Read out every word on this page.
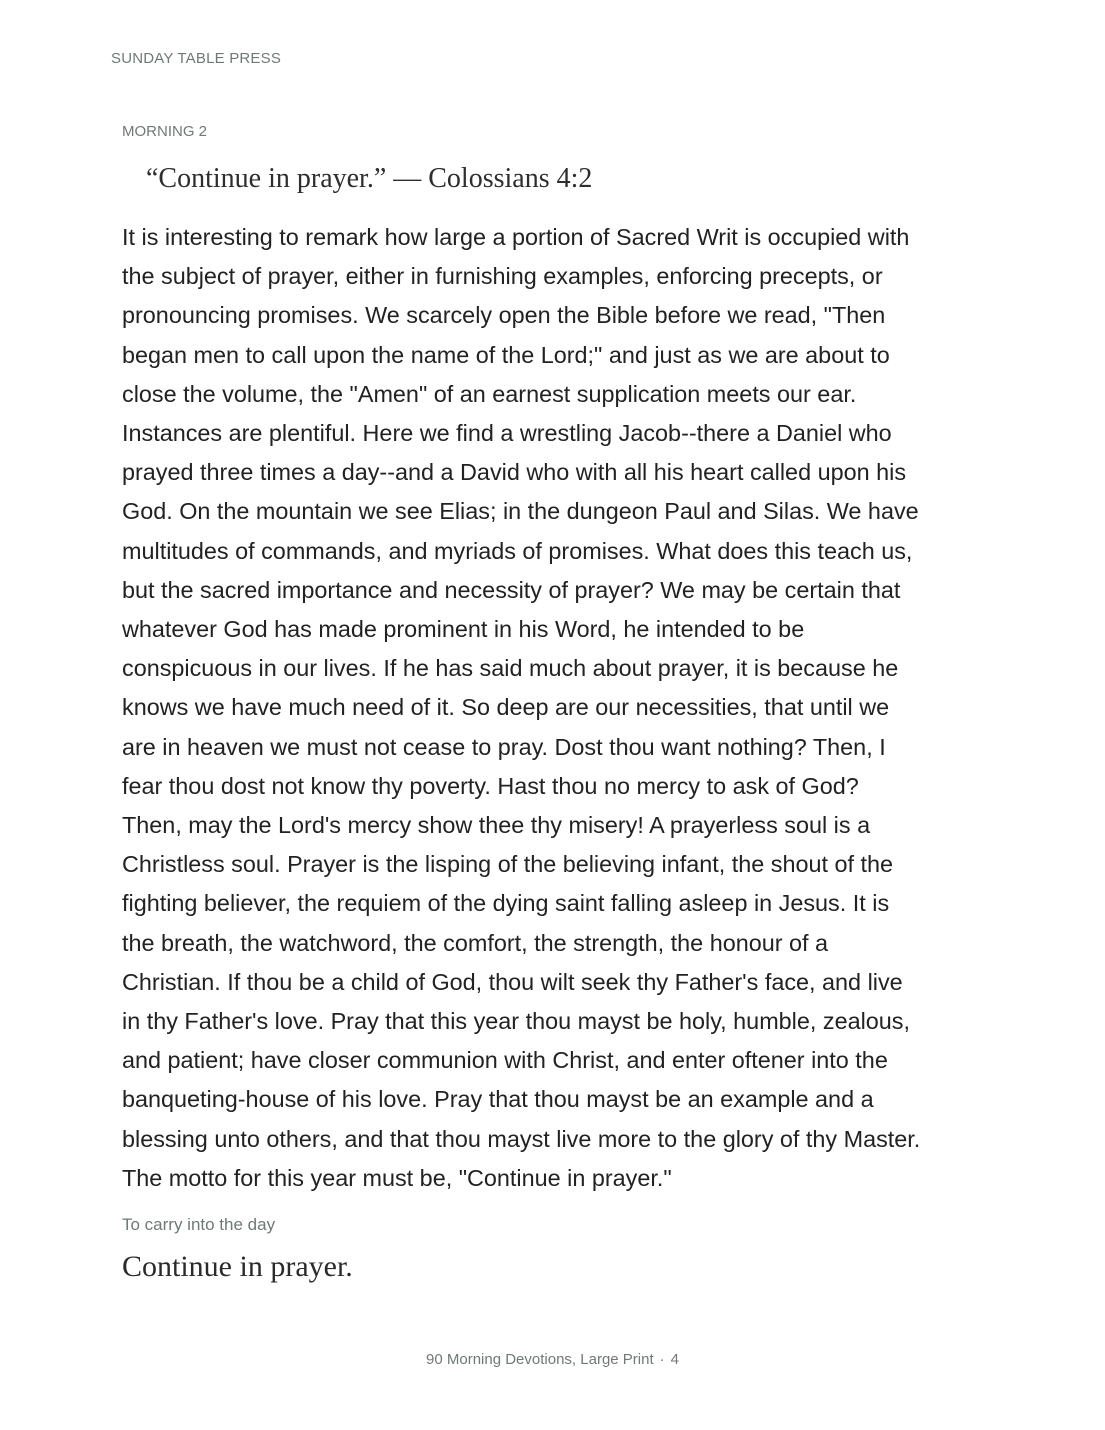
SUNDAY TABLE PRESS
MORNING 2
“Continue in prayer.” — Colossians 4:2

It is interesting to remark how large a portion of Sacred Writ is occupied with
the subject of prayer, either in furnishing examples, enforcing precepts, or
pronouncing promises. We scarcely open the Bible before we read, "Then
began men to call upon the name of the Lord;" and just as we are about to
close the volume, the "Amen" of an earnest supplication meets our ear.
Instances are plentiful. Here we find a wrestling Jacob--there a Daniel who
prayed three times a day--and a David who with all his heart called upon his
God. On the mountain we see Elias; in the dungeon Paul and Silas. We have
multitudes of commands, and myriads of promises. What does this teach us,
but the sacred importance and necessity of prayer? We may be certain that
whatever God has made prominent in his Word, he intended to be
conspicuous in our lives. If he has said much about prayer, it is because he
knows we have much need of it. So deep are our necessities, that until we
are in heaven we must not cease to pray. Dost thou want nothing? Then, I
fear thou dost not know thy poverty. Hast thou no mercy to ask of God?
Then, may the Lord's mercy show thee thy misery! A prayerless soul is a
Christless soul. Prayer is the lisping of the believing infant, the shout of the
fighting believer, the requiem of the dying saint falling asleep in Jesus. It is
the breath, the watchword, the comfort, the strength, the honour of a
Christian. If thou be a child of God, thou wilt seek thy Father's face, and live
in thy Father's love. Pray that this year thou mayst be holy, humble, zealous,
and patient; have closer communion with Christ, and enter oftener into the
banqueting-house of his love. Pray that thou mayst be an example and a
blessing unto others, and that thou mayst live more to the glory of thy Master.
The motto for this year must be, "Continue in prayer."

To carry into the day
Continue in prayer.
90 Morning Devotions, Large Print · 4
